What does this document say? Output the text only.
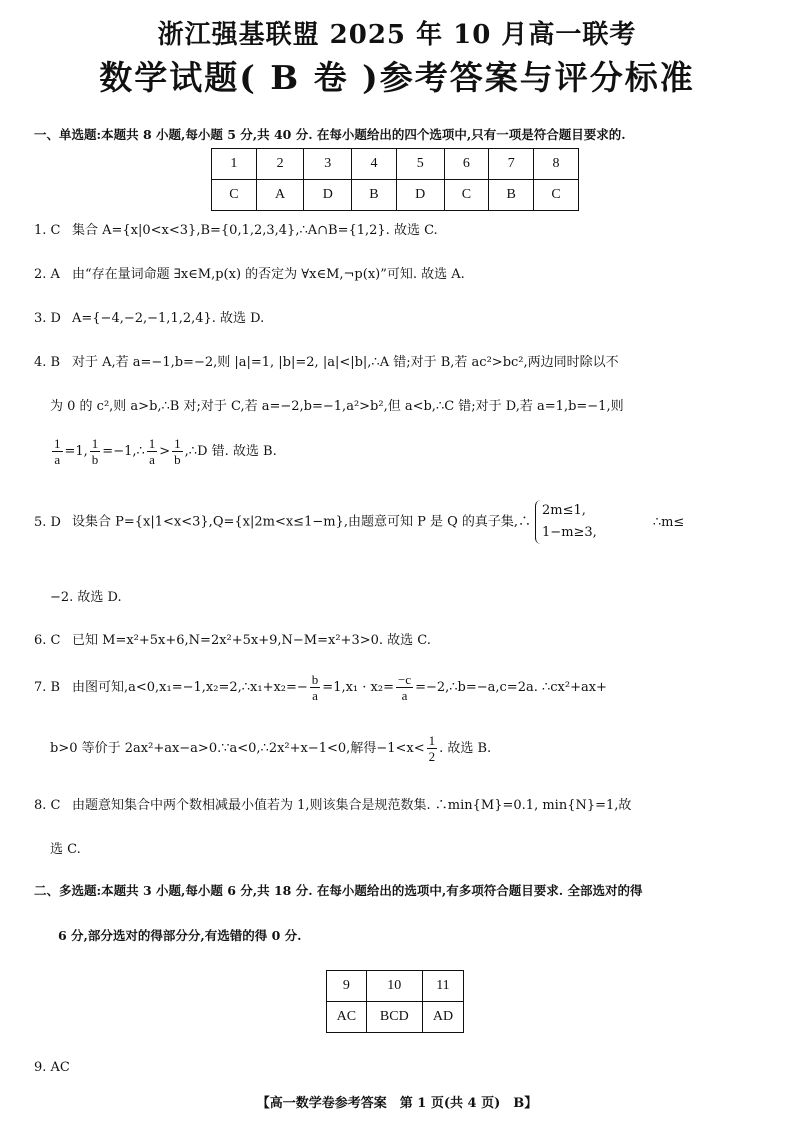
浙江强基联盟 2025 年 10 月高一联考
数学试题( B 卷 )参考答案与评分标准
一、单选题:本题共 8 小题,每小题 5 分,共 40 分. 在每小题给出的四个选项中,只有一项是符合题目要求的.
1	2	3	4	5	6	7	8
C	A	D	B	D	C	B	C
1. C 集合 A={x|0<x<3},B={0,1,2,3,4},∴A∩B={1,2}. 故选 C.
2. A 由“存在量词命题 ∃x∈M,p(x) 的否定为 ∀x∈M,¬p(x)”可知. 故选 A.
3. D A={−4,−2,−1,1,2,4}. 故选 D.
4. B 对于 A,若 a=−1,b=−2,则 |a|=1, |b|=2, |a|<|b|,∴A 错;对于 B,若 ac²>bc²,两边同时除以不
为 0 的 c²,则 a>b,∴B 对;对于 C,若 a=−2,b=−1,a²>b²,但 a<b,∴C 错;对于 D,若 a=1,b=−1,则
$\frac{1}{a} =1$, $\frac{1}{b}$ =−1,∴ $\frac{1}{a} > \frac{1}{b}$ ,∴D 错. 故选 B.
5. D 设集合 P={x|1<x<3},Q={x|2m<x≤1−m},由题意可知 P 是 Q 的真子集,∴
2m≤1,
1−m≥3,
∴m≤
−2. 故选 D.
6. C 已知 M=x²+5x+6,N=2x²+5x+9,N−M=x²+3>0. 故选 C.
7. B 由图可知,a<0,x₁=−1,x₂=2,∴x₁+x₂=− $\frac{b}{a} =1,x_1 \cdot x_2= \frac{-c}{a}$ =−2,∴b=−a,c=2a. ∴cx²+ax+
b>0 等价于 2ax²+ax−a>0.∵a<0,∴2x²+x−1<0,解得$-1<x< \frac{1}{2}$ . 故选 B.
8. C 由题意知集合中两个数相减最小值若为 1,则该集合是规范数集. ∴min{M}=0.1, min{N}=1,故
选 C.
二、多选题:本题共 3 小题,每小题 6 分,共 18 分. 在每小题给出的选项中,有多项符合题目要求. 全部选对的得
6 分,部分选对的得部分分,有选错的得 0 分.
9	10	11
AC	BCD	AD
9. AC
【高一数学卷参考答案　第 1 页(共 4 页)　B】
